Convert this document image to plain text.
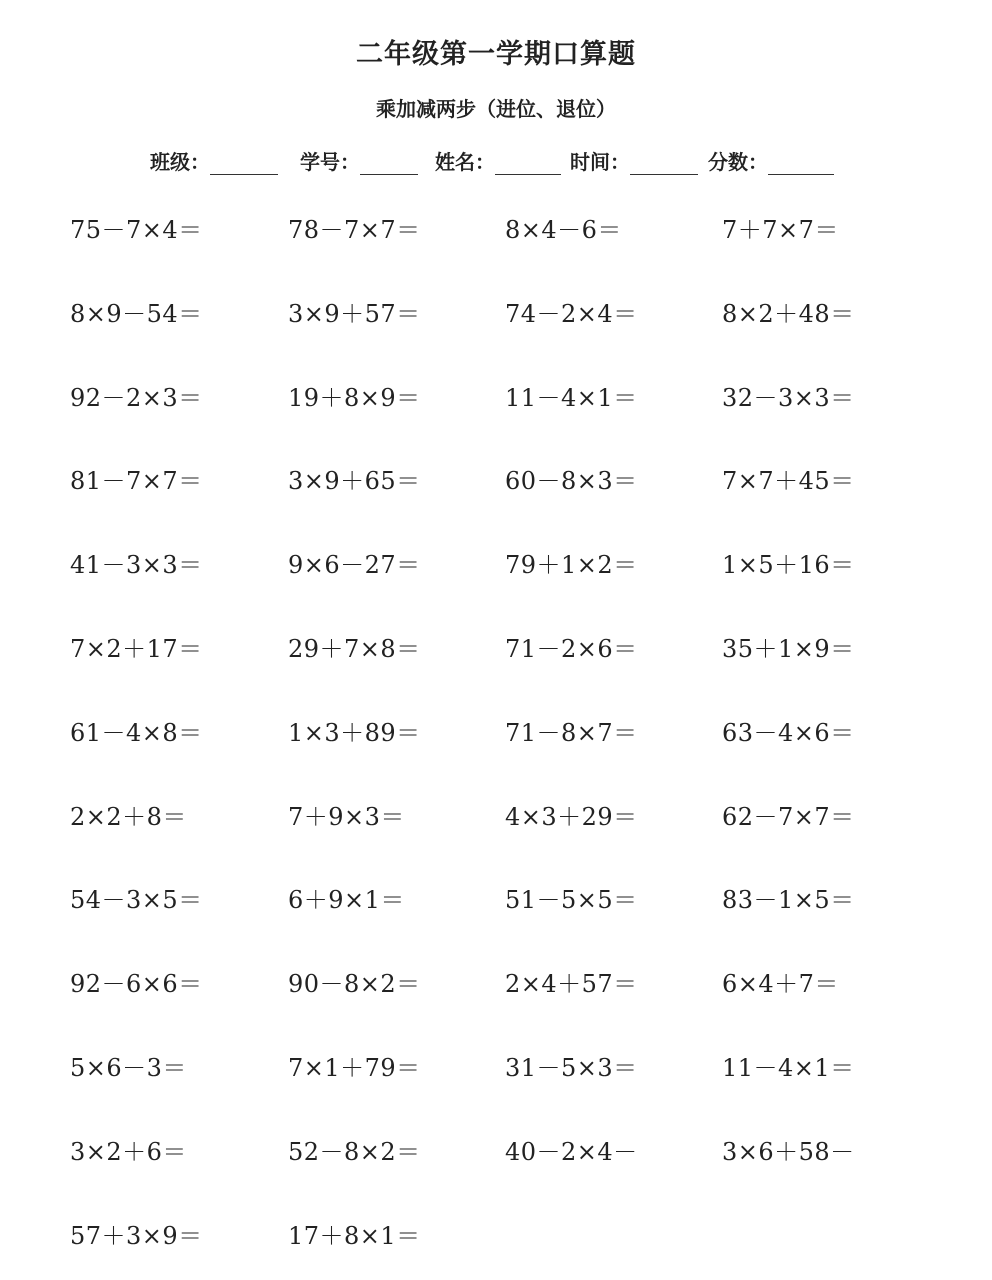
二年级第一学期口算题
乘加减两步（进位、退位）
班级：	学号：	姓名：	时间：	分数：
75－7×4＝	78－7×7＝	8×4－6＝	7＋7×7＝
8×9－54＝	3×9＋57＝	74－2×4＝	8×2＋48＝
92－2×3＝	19＋8×9＝	11－4×1＝	32－3×3＝
81－7×7＝	3×9＋65＝	60－8×3＝	7×7＋45＝
41－3×3＝	9×6－27＝	79＋1×2＝	1×5＋16＝
7×2＋17＝	29＋7×8＝	71－2×6＝	35＋1×9＝
61－4×8＝	1×3＋89＝	71－8×7＝	63－4×6＝
2×2＋8＝	7＋9×3＝	4×3＋29＝	62－7×7＝
54－3×5＝	6＋9×1＝	51－5×5＝	83－1×5＝
92－6×6＝	90－8×2＝	2×4＋57＝	6×4＋7＝
5×6－3＝	7×1＋79＝	31－5×3＝	11－4×1＝
3×2＋6＝	52－8×2＝	40－2×4－	3×6＋58－
57＋3×9＝	17＋8×1＝
